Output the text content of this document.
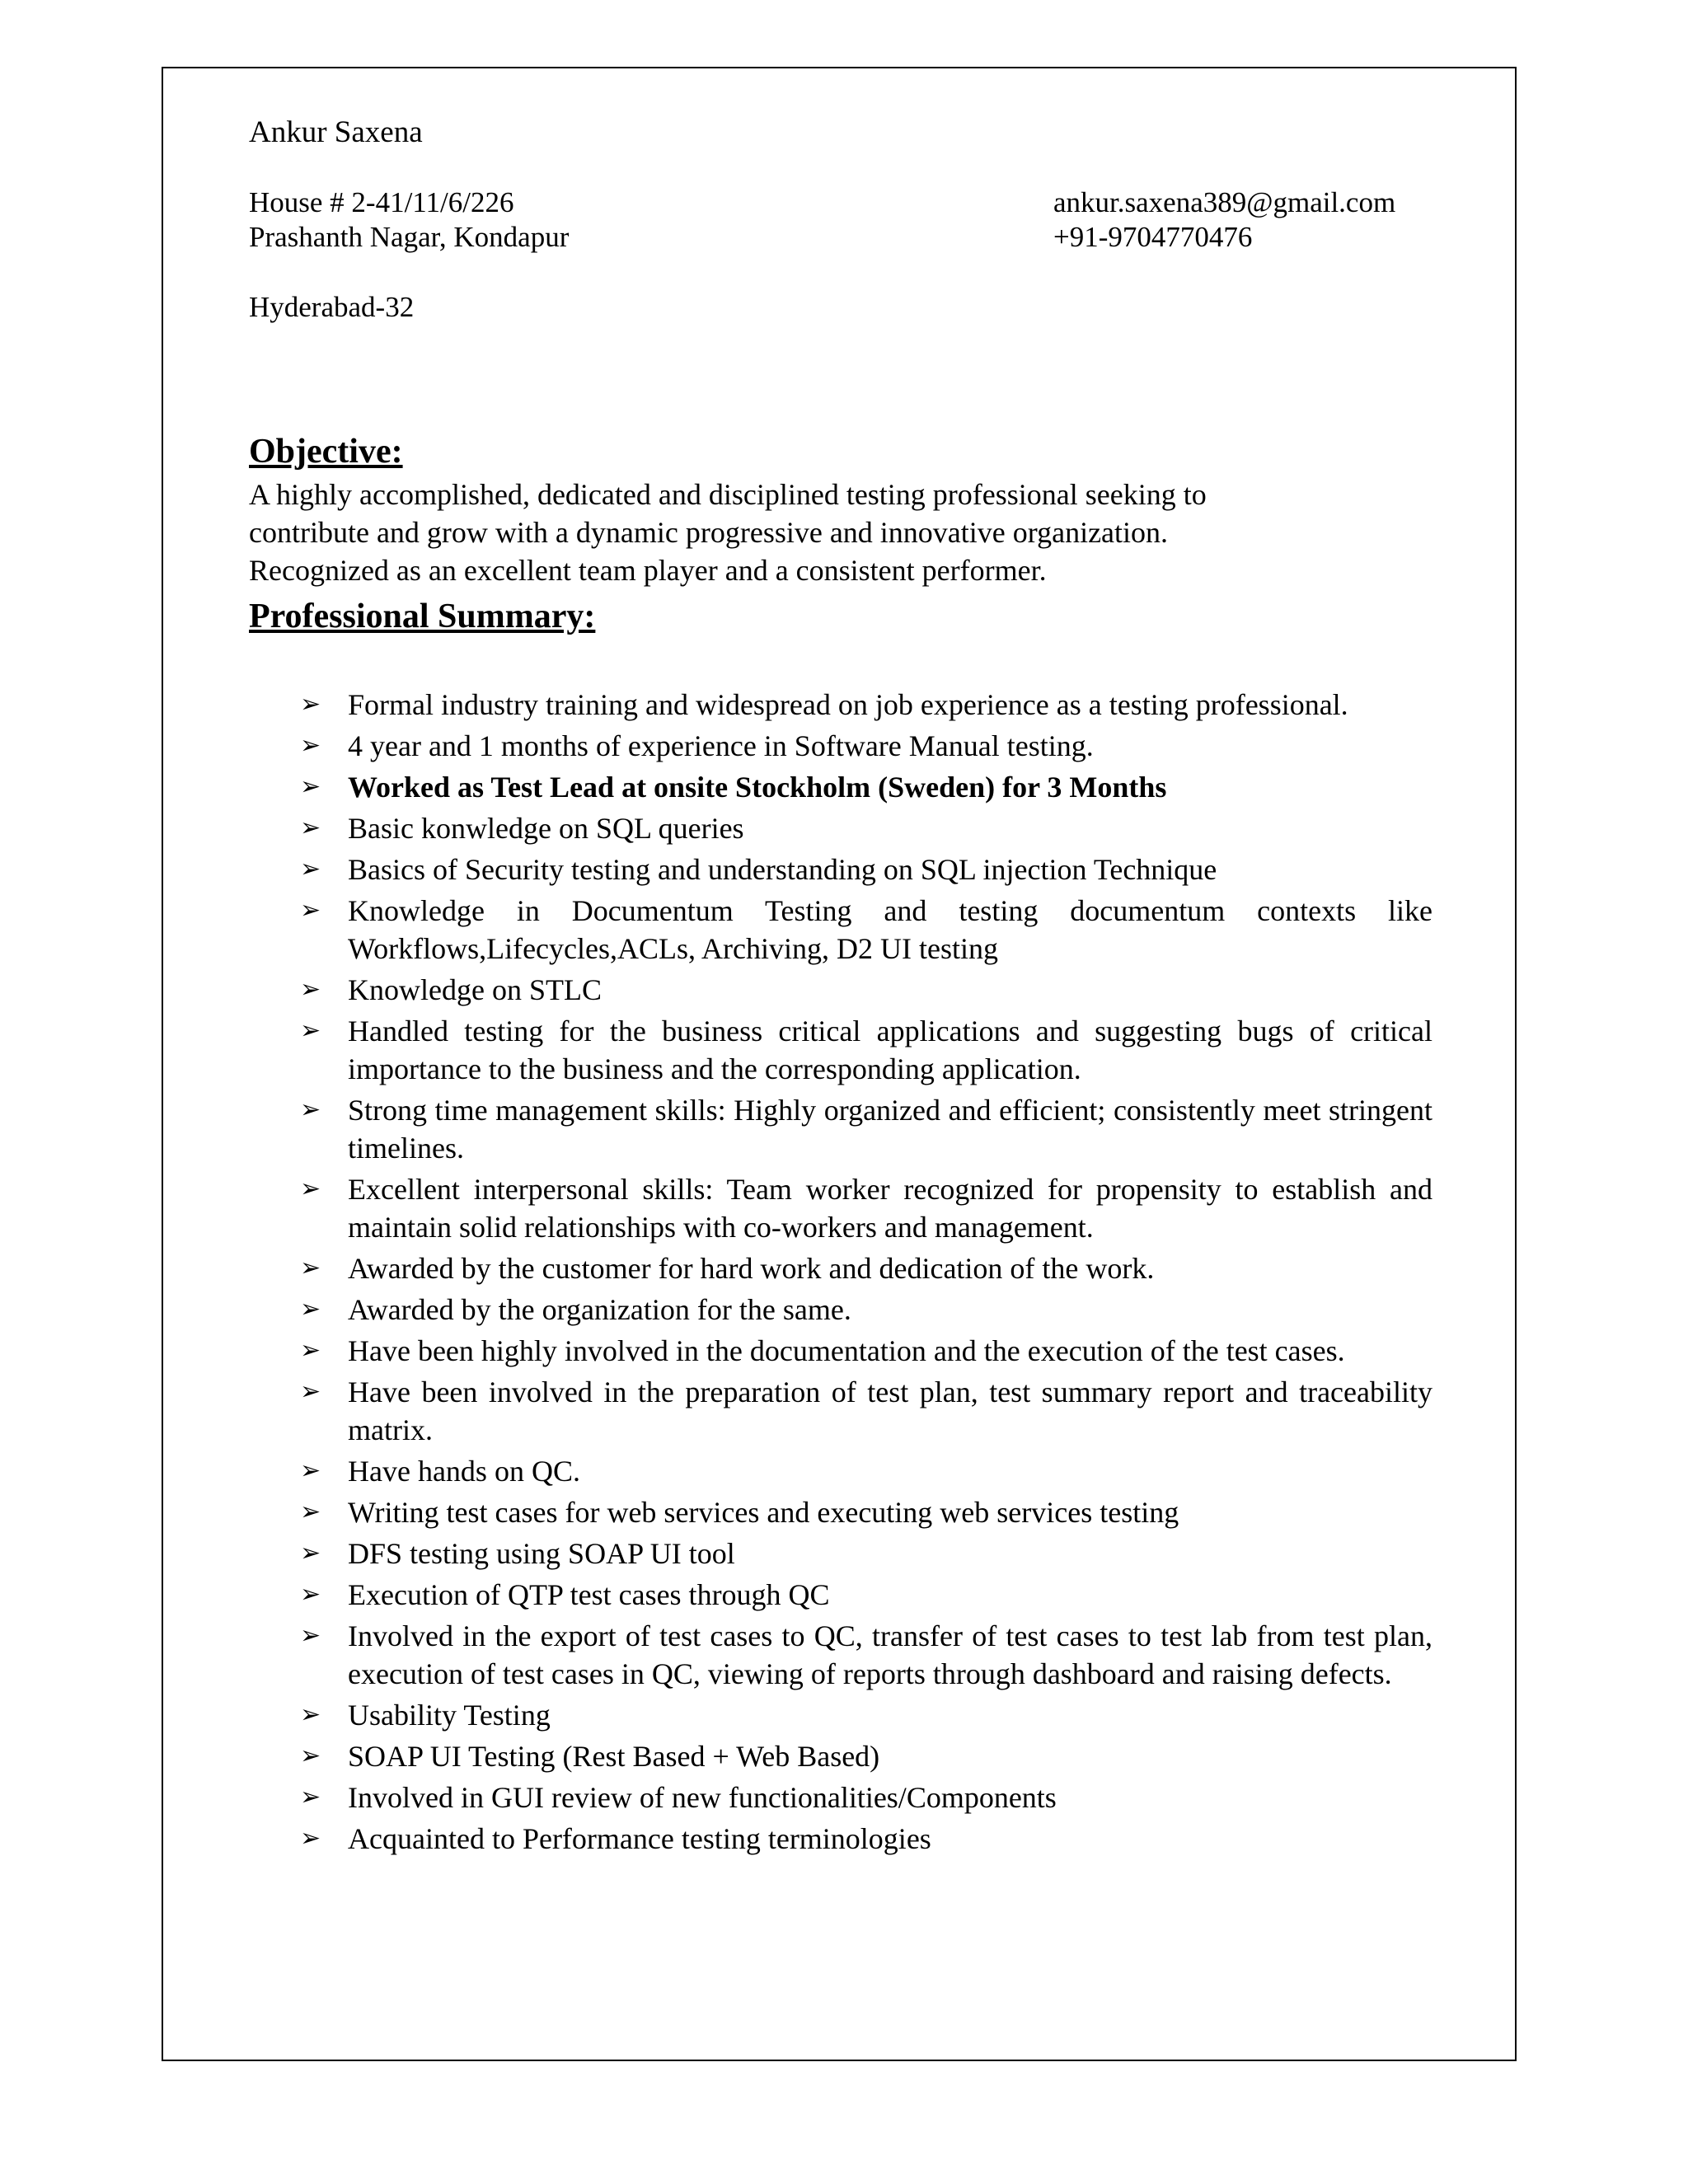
Ankur Saxena
House # 2-41/11/6/226
Prashanth Nagar, Kondapur
Hyderabad-32
ankur.saxena389@gmail.com
+91-9704770476
Objective:
A highly accomplished, dedicated and disciplined testing professional seeking to
contribute and grow with a dynamic progressive and innovative organization.
Recognized as an excellent team player and a consistent performer.
Professional Summary:
➢ Formal industry training and widespread on job experience as a testing professional.
➢ 4 year and 1 months of experience in Software Manual testing.
➢ Worked as Test Lead at onsite Stockholm (Sweden) for 3 Months
➢ Basic konwledge on SQL queries
➢ Basics of Security testing and understanding on SQL injection Technique
➢ Knowledge in Documentum Testing and testing documentum contexts like Workflows,Lifecycles,ACLs, Archiving, D2 UI testing
➢ Knowledge on STLC
➢ Handled testing for the business critical applications and suggesting bugs of critical importance to the business and the corresponding application.
➢ Strong time management skills: Highly organized and efficient; consistently meet stringent timelines.
➢ Excellent interpersonal skills: Team worker recognized for propensity to establish and maintain solid relationships with co-workers and management.
➢ Awarded by the customer for hard work and dedication of the work.
➢ Awarded by the organization for the same.
➢ Have been highly involved in the documentation and the execution of the test cases.
➢ Have been involved in the preparation of test plan, test summary report and traceability matrix.
➢ Have hands on QC.
➢ Writing test cases for web services and executing web services testing
➢ DFS testing using SOAP UI tool
➢ Execution of QTP test cases through QC
➢ Involved in the export of test cases to QC, transfer of test cases to test lab from test plan, execution of test cases in QC, viewing of reports through dashboard and raising defects.
➢ Usability Testing
➢ SOAP UI Testing (Rest Based + Web Based)
➢ Involved in GUI review of new functionalities/Components
➢ Acquainted to Performance testing terminologies
